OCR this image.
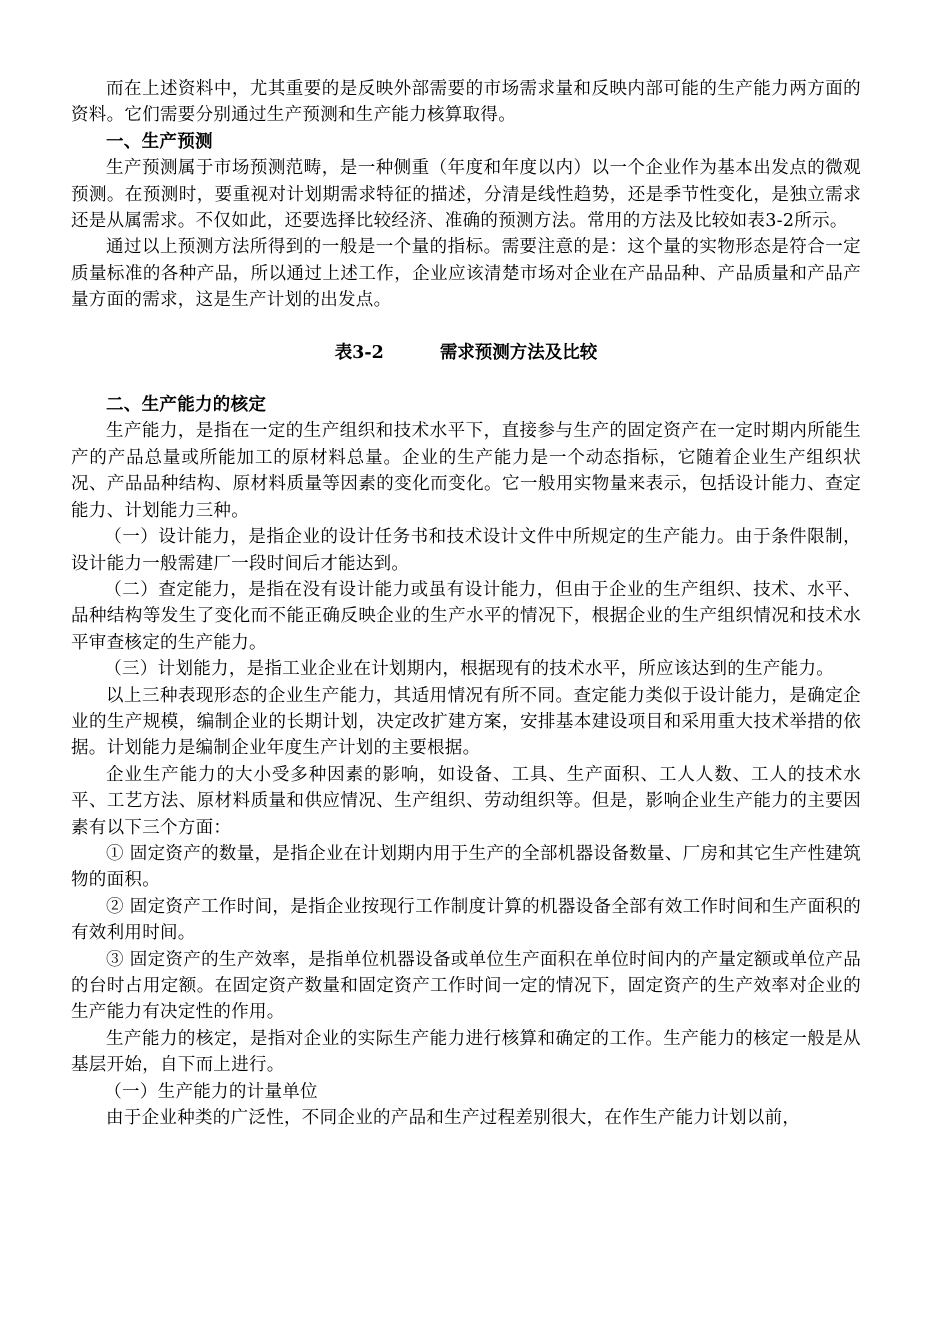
而在上述资料中，尤其重要的是反映外部需要的市场需求量和反映内部可能的生产能力两方面的资料。它们需要分别通过生产预测和生产能力核算取得。

一、生产预测

生产预测属于市场预测范畴，是一种侧重（年度和年度以内）以一个企业作为基本出发点的微观预测。在预测时，要重视对计划期需求特征的描述，分清是线性趋势，还是季节性变化，是独立需求还是从属需求。不仅如此，还要选择比较经济、准确的预测方法。常用的方法及比较如表3-2所示。

通过以上预测方法所得到的一般是一个量的指标。需要注意的是：这个量的实物形态是符合一定质量标准的各种产品，所以通过上述工作，企业应该清楚市场对企业在产品品种、产品质量和产品产量方面的需求，这是生产计划的出发点。

表3-2	需求预测方法及比较

二、生产能力的核定

生产能力，是指在一定的生产组织和技术水平下，直接参与生产的固定资产在一定时期内所能生产的产品总量或所能加工的原材料总量。企业的生产能力是一个动态指标，它随着企业生产组织状况、产品品种结构、原材料质量等因素的变化而变化。它一般用实物量来表示，包括设计能力、查定能力、计划能力三种。

（一）设计能力，是指企业的设计任务书和技术设计文件中所规定的生产能力。由于条件限制，设计能力一般需建厂一段时间后才能达到。

（二）查定能力，是指在没有设计能力或虽有设计能力，但由于企业的生产组织、技术、水平、品种结构等发生了变化而不能正确反映企业的生产水平的情况下，根据企业的生产组织情况和技术水平审查核定的生产能力。

（三）计划能力，是指工业企业在计划期内，根据现有的技术水平，所应该达到的生产能力。

以上三种表现形态的企业生产能力，其适用情况有所不同。查定能力类似于设计能力，是确定企业的生产规模，编制企业的长期计划，决定改扩建方案，安排基本建设项目和采用重大技术举措的依据。计划能力是编制企业年度生产计划的主要根据。

企业生产能力的大小受多种因素的影响，如设备、工具、生产面积、工人人数、工人的技术水平、工艺方法、原材料质量和供应情况、生产组织、劳动组织等。但是，影响企业生产能力的主要因素有以下三个方面：

① 固定资产的数量，是指企业在计划期内用于生产的全部机器设备数量、厂房和其它生产性建筑物的面积。

② 固定资产工作时间，是指企业按现行工作制度计算的机器设备全部有效工作时间和生产面积的有效利用时间。

③ 固定资产的生产效率，是指单位机器设备或单位生产面积在单位时间内的产量定额或单位产品的台时占用定额。在固定资产数量和固定资产工作时间一定的情况下，固定资产的生产效率对企业的生产能力有决定性的作用。

生产能力的核定，是指对企业的实际生产能力进行核算和确定的工作。生产能力的核定一般是从基层开始，自下而上进行。

（一）生产能力的计量单位

由于企业种类的广泛性，不同企业的产品和生产过程差别很大，在作生产能力计划以前，
